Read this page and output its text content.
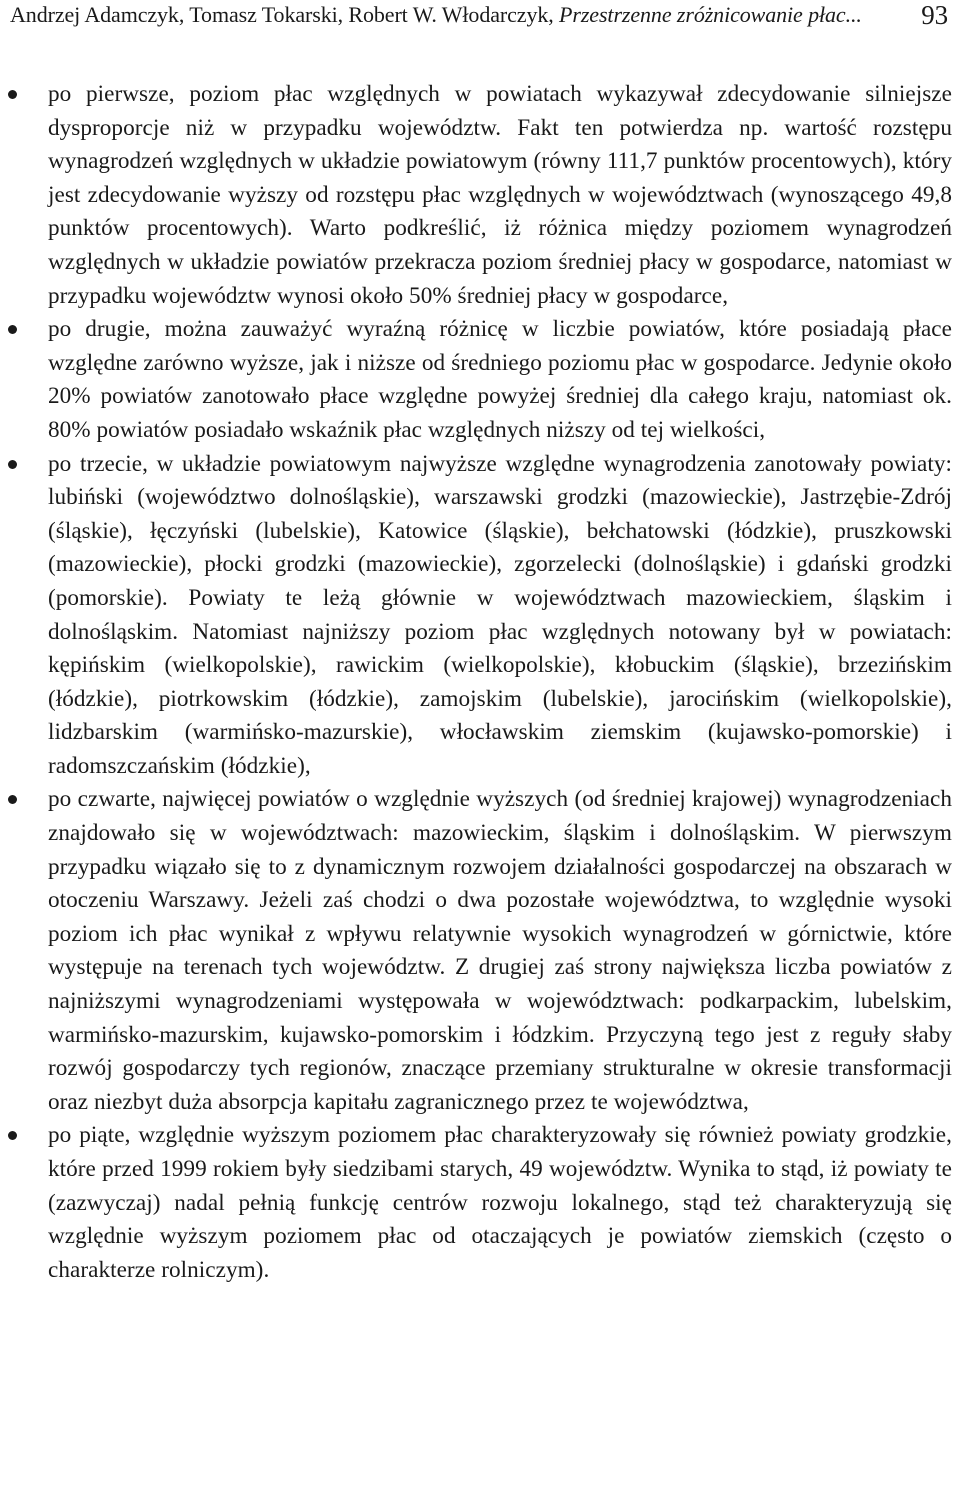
Andrzej Adamczyk, Tomasz Tokarski, Robert W. Włodarczyk, Przestrzenne zróżnicowanie płac... 93
po pierwsze, poziom płac względnych w powiatach wykazywał zdecydowanie silniejsze dysproporcje niż w przypadku województw. Fakt ten potwierdza np. wartość rozstępu wynagrodzeń względnych w układzie powiatowym (równy 111,7 punktów procentowych), który jest zdecydowanie wyższy od rozstępu płac względnych w województwach (wynoszącego 49,8 punktów procentowych). Warto podkreślić, iż różnica między poziomem wynagrodzeń względnych w układzie powiatów przekracza poziom średniej płacy w gospodarce, natomiast w przypadku województw wynosi około 50% średniej płacy w gospodarce,
po drugie, można zauważyć wyraźną różnicę w liczbie powiatów, które posiadają płace względne zarówno wyższe, jak i niższe od średniego poziomu płac w gospodarce. Jedynie około 20% powiatów zanotowało płace względne powyżej średniej dla całego kraju, natomiast ok. 80% powiatów posiadało wskaźnik płac względnych niższy od tej wielkości,
po trzecie, w układzie powiatowym najwyższe względne wynagrodzenia zanotowały powiaty: lubiński (województwo dolnośląskie), warszawski grodzki (mazowieckie), Jastrzębie-Zdrój (śląskie), łęczyński (lubelskie), Katowice (śląskie), bełchatowski (łódzkie), pruszkowski (mazowieckie), płocki grodzki (mazowieckie), zgorzelecki (dolnośląskie) i gdański grodzki (pomorskie). Powiaty te leżą głównie w województwach mazowieckiem, śląskim i dolnośląskim. Natomiast najniższy poziom płac względnych notowany był w powiatach: kępińskim (wielkopolskie), rawickim (wielkopolskie), kłobuckim (śląskie), brzezińskim (łódzkie), piotrkowskim (łódzkie), zamojskim (lubelskie), jarocińskim (wielkopolskie), lidzbarskim (warmińsko-mazurskie), włocławskim ziemskim (kujawsko-pomorskie) i radomszczańskim (łódzkie),
po czwarte, najwięcej powiatów o względnie wyższych (od średniej krajowej) wynagrodzeniach znajdowało się w województwach: mazowieckim, śląskim i dolnośląskim. W pierwszym przypadku wiązało się to z dynamicznym rozwojem działalności gospodarczej na obszarach w otoczeniu Warszawy. Jeżeli zaś chodzi o dwa pozostałe województwa, to względnie wysoki poziom ich płac wynikał z wpływu relatywnie wysokich wynagrodzeń w górnictwie, które występuje na terenach tych województw. Z drugiej zaś strony największa liczba powiatów z najniższymi wynagrodzeniami występowała w województwach: podkarpackim, lubelskim, warmińsko-mazurskim, kujawsko-pomorskim i łódzkim. Przyczyną tego jest z reguły słaby rozwój gospodarczy tych regionów, znaczące przemiany strukturalne w okresie transformacji oraz niezbyt duża absorpcja kapitału zagranicznego przez te województwa,
po piąte, względnie wyższym poziomem płac charakteryzowały się również powiaty grodzkie, które przed 1999 rokiem były siedzibami starych, 49 województw. Wynika to stąd, iż powiaty te (zazwyczaj) nadal pełnią funkcję centrów rozwoju lokalnego, stąd też charakteryzują się względnie wyższym poziomem płac od otaczających je powiatów ziemskich (często o charakterze rolniczym).
